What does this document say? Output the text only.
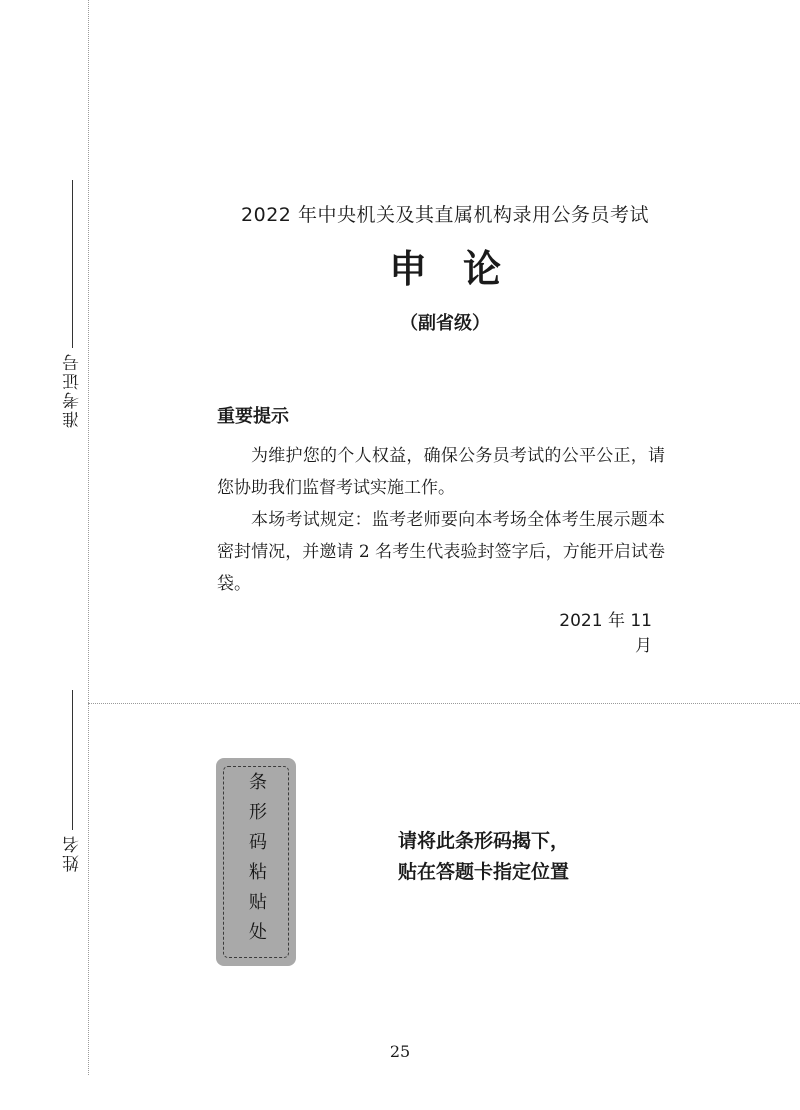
准考证号
姓名
2022 年中央机关及其直属机构录用公务员考试
申论
（副省级）
重要提示

为维护您的个人权益，确保公务员考试的公平公正，请您协助我们监督考试实施工作。

本场考试规定：监考老师要向本考场全体考生展示题本密封情况，并邀请 2 名考生代表验封签字后，方能开启试卷袋。

2021 年 11 月
条形码粘贴处	请将此条形码揭下，
贴在答题卡指定位置
25
